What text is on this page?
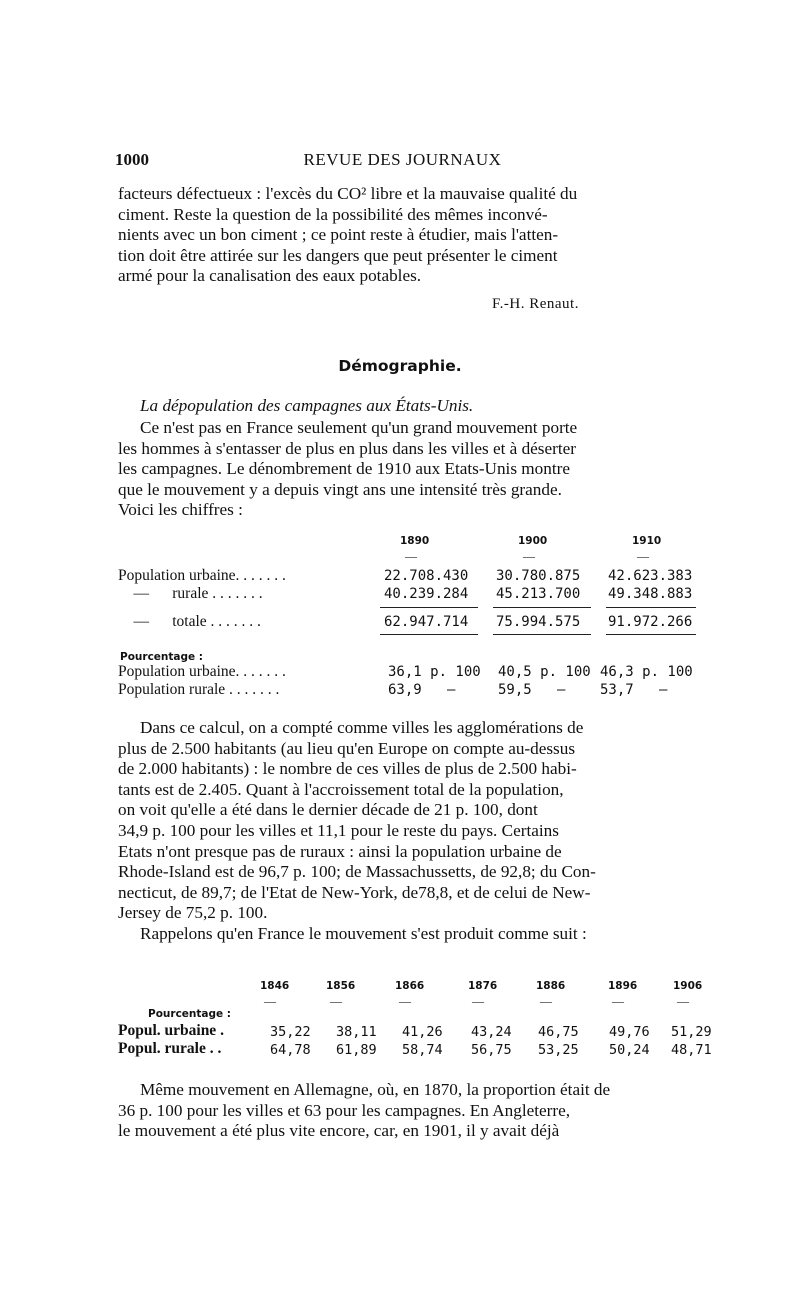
1000	REVUE DES JOURNAUX
facteurs défectueux : l'excès du CO² libre et la mauvaise qualité du
ciment. Reste la question de la possibilité des mêmes inconvé-
nients avec un bon ciment ; ce point reste à étudier, mais l'atten-
tion doit être attirée sur les dangers que peut présenter le ciment
armé pour la canalisation des eaux potables.
F.-H. Renaut.
Démographie.
La dépopulation des campagnes aux États-Unis.
Ce n'est pas en France seulement qu'un grand mouvement porte
les hommes à s'entasser de plus en plus dans les villes et à déserter
les campagnes. Le dénombrement de 1910 aux Etats-Unis montre
que le mouvement y a depuis vingt ans une intensité très grande.
Voici les chiffres :
1890	1900	1910
—	—	—
Population urbaine. . . . . . .	22.708.430 30.780.875 42.623.383
—      rurale . . . . . . .	40.239.284 45.213.700 49.348.883
—      totale . . . . . . .	62.947.714 75.994.575 91.972.266
Pourcentage :
Population urbaine. . . . . . .	36,1 p. 100 40,5 p. 100 46,3 p. 100
Population rurale . . . . . . .	63,9   —	59,5   — 53,7   —
Dans ce calcul, on a compté comme villes les agglomérations de
plus de 2.500 habitants (au lieu qu'en Europe on compte au-dessus
de 2.000 habitants) : le nombre de ces villes de plus de 2.500 habi-
tants est de 2.405. Quant à l'accroissement total de la population,
on voit qu'elle a été dans le dernier décade de 21 p. 100, dont
34,9 p. 100 pour les villes et 11,1 pour le reste du pays. Certains
Etats n'ont presque pas de ruraux : ainsi la population urbaine de
Rhode-Island est de 96,7 p. 100; de Massachussetts, de 92,8; du Con-
necticut, de 89,7; de l'Etat de New-York, de78,8, et de celui de New-
Jersey de 75,2 p. 100.
Rappelons qu'en France le mouvement s'est produit comme suit :
1846	1856	1866	1876	1886	1896	1906
—	—	—	—	—	—	—
Pourcentage :
Popul. urbaine .	35,22 38,11 41,26 43,24 46,75 49,76 51,29
Popul. rurale . .	64,78 61,89 58,74 56,75 53,25 50,24 48,71
Même mouvement en Allemagne, où, en 1870, la proportion était de
36 p. 100 pour les villes et 63 pour les campagnes. En Angleterre,
le mouvement a été plus vite encore, car, en 1901, il y avait déjà
